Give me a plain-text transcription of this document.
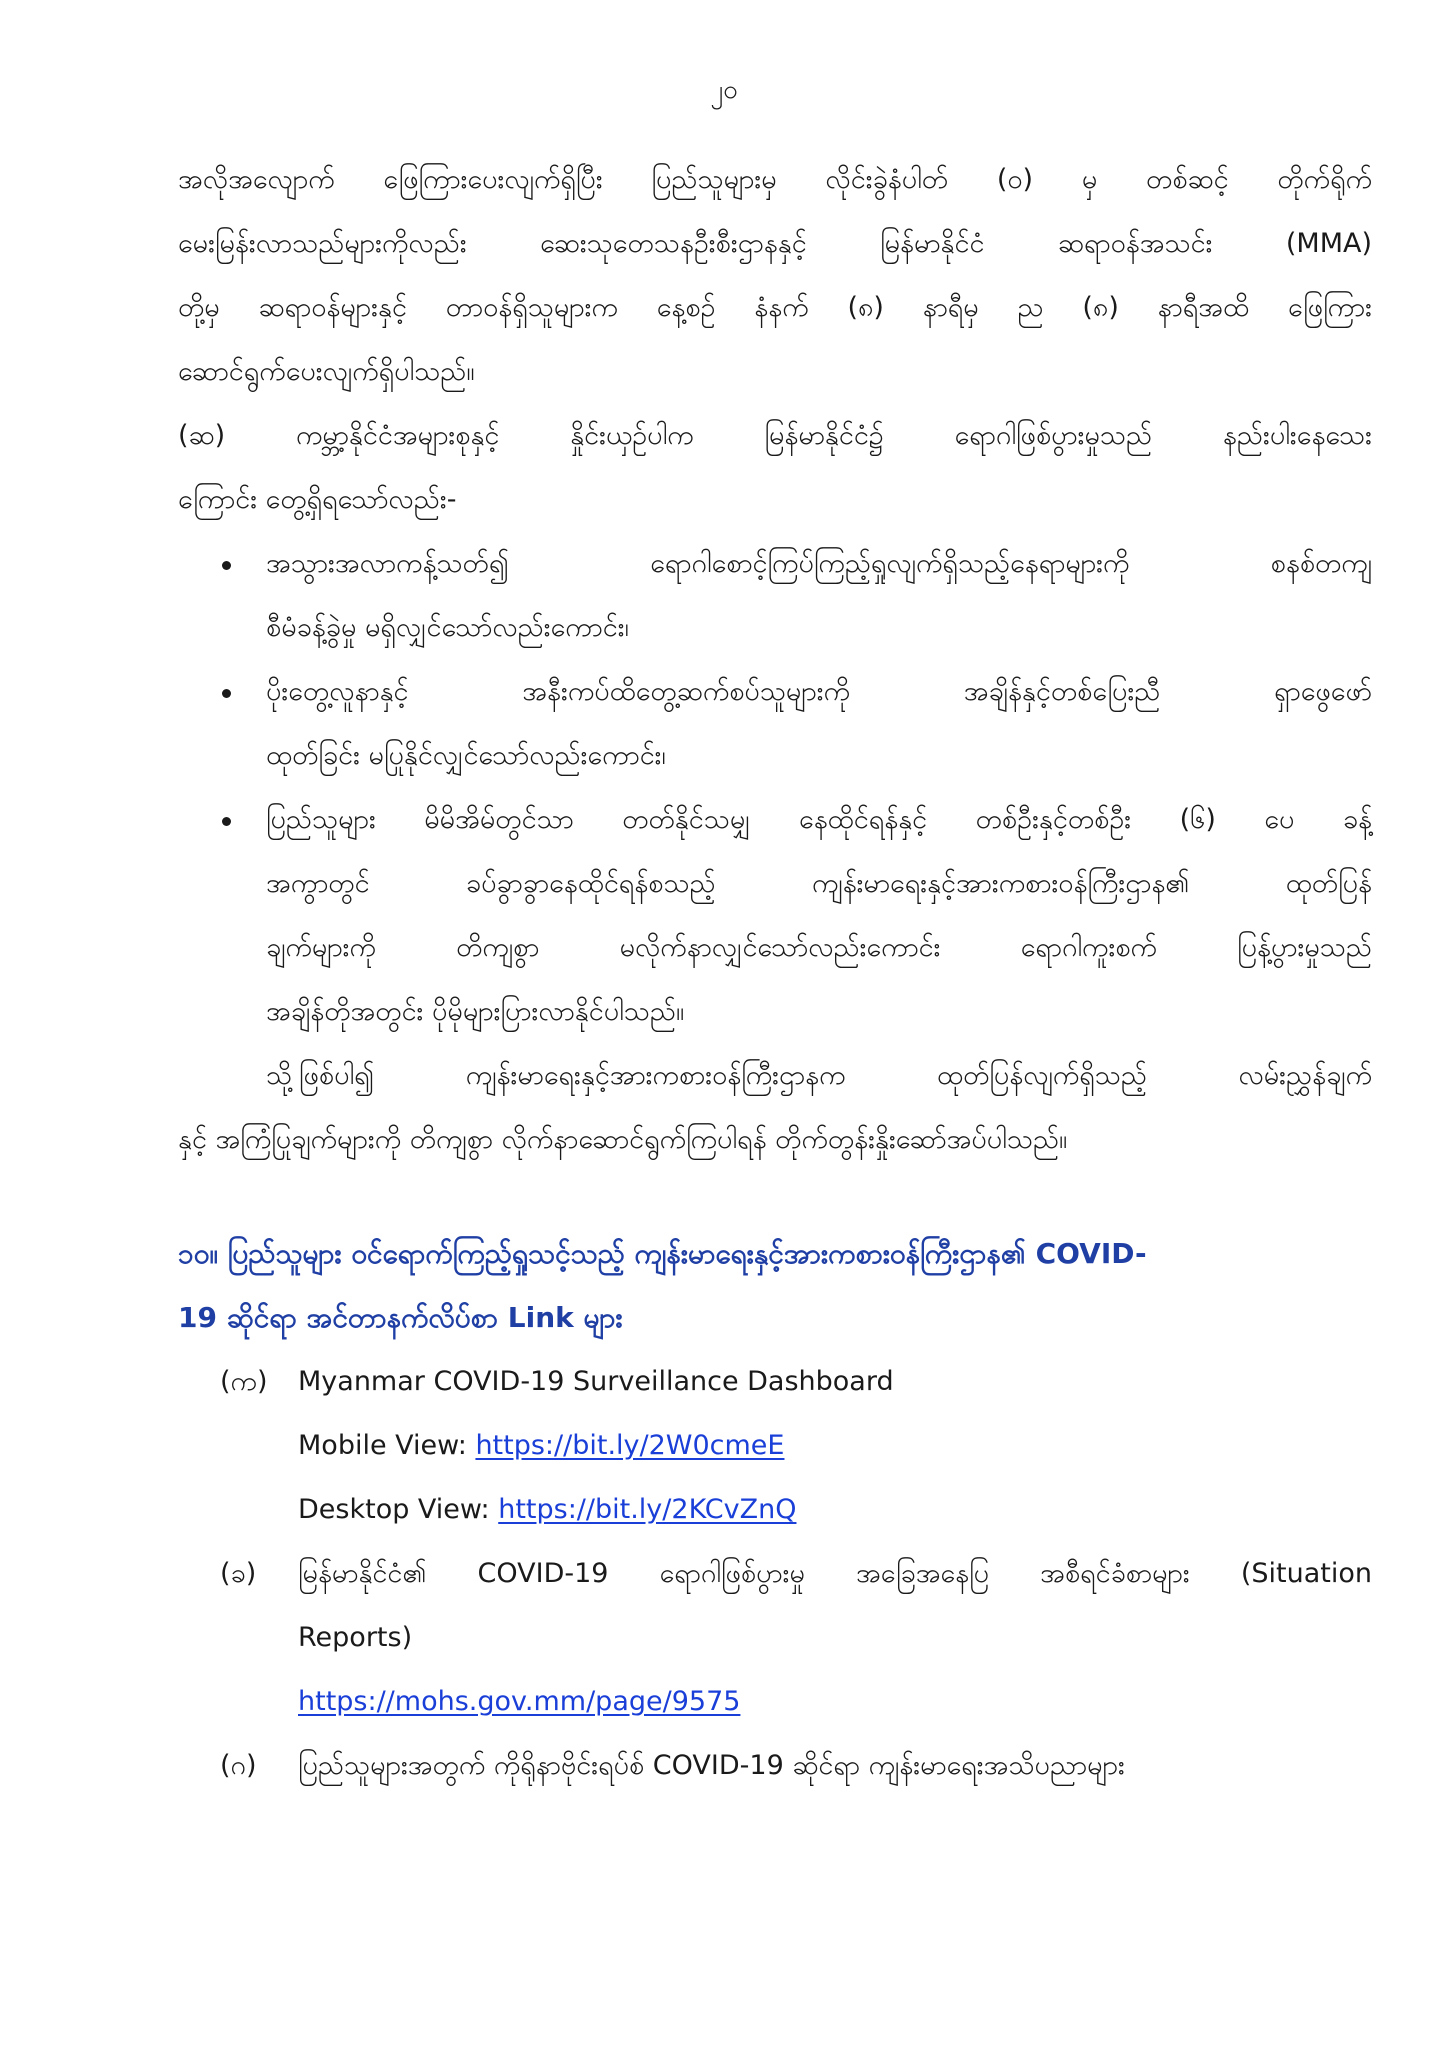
၂၀

အလိုအလျောက် ဖြေကြားပေးလျက်ရှိပြီး ပြည်သူများမှ လိုင်းခွဲနံပါတ် (၀) မှ တစ်ဆင့် တိုက်ရိုက်
မေးမြန်းလာသည်များကိုလည်း ဆေးသုတေသနဦးစီးဌာနနှင့် မြန်မာနိုင်ငံ ဆရာဝန်အသင်း (MMA)
တို့မှ ဆရာဝန်များနှင့် တာဝန်ရှိသူများက နေ့စဉ် နံနက် (၈) နာရီမှ ည (၈) နာရီအထိ ဖြေကြား
ဆောင်ရွက်ပေးလျက်ရှိပါသည်။

(ဆ) ကမ္ဘာ့နိုင်ငံအများစုနှင့် နှိုင်းယှဉ်ပါက မြန်မာနိုင်ငံ၌ ရောဂါဖြစ်ပွားမှုသည် နည်းပါးနေသေး
ကြောင်း တွေ့ရှိရသော်လည်း-

အသွားအလာကန့်သတ်၍ ရောဂါစောင့်ကြပ်ကြည့်ရှုလျက်ရှိသည့်နေရာများကို စနစ်တကျ
စီမံခန့်ခွဲမှု မရှိလျှင်သော်လည်းကောင်း၊
ပိုးတွေ့လူနာနှင့် အနီးကပ်ထိတွေ့ဆက်စပ်သူများကို အချိန်နှင့်တစ်ပြေးညီ ရှာဖွေဖော်
ထုတ်ခြင်း မပြုနိုင်လျှင်သော်လည်းကောင်း၊
ပြည်သူများ မိမိအိမ်တွင်သာ တတ်နိုင်သမျှ နေထိုင်ရန်နှင့် တစ်ဦးနှင့်တစ်ဦး (၆) ပေ ခန့်
အကွာတွင် ခပ်ခွာခွာနေထိုင်ရန်စသည့် ကျန်းမာရေးနှင့်အားကစားဝန်ကြီးဌာန၏ ထုတ်ပြန်
ချက်များကို တိကျစွာ မလိုက်နာလျှင်သော်လည်းကောင်း ရောဂါကူးစက် ပြန့်ပွားမှုသည်
အချိန်တိုအတွင်း ပိုမိုများပြားလာနိုင်ပါသည်။

သို့ဖြစ်ပါ၍ ကျန်းမာရေးနှင့်အားကစားဝန်ကြီးဌာနက ထုတ်ပြန်လျက်ရှိသည့် လမ်းညွှန်ချက်
နှင့် အကြံပြုချက်များကို တိကျစွာ လိုက်နာဆောင်ရွက်ကြပါရန် တိုက်တွန်းနှိုးဆော်အပ်ပါသည်။

၁၀။ ပြည်သူများ ဝင်ရောက်ကြည့်ရှုသင့်သည့် ကျန်းမာရေးနှင့်အားကစားဝန်ကြီးဌာန၏ COVID-
19 ဆိုင်ရာ အင်တာနက်လိပ်စာ Link များ
(က) Myanmar COVID-19 Surveillance Dashboard
Mobile View: https://bit.ly/2W0cmeE
Desktop View: https://bit.ly/2KCvZnQ
(ခ) မြန်မာနိုင်ငံ၏ COVID-19 ရောဂါဖြစ်ပွားမှု အခြေအနေပြ အစီရင်ခံစာများ (Situation
Reports)
https://mohs.gov.mm/page/9575
(ဂ) ပြည်သူများအတွက် ကိုရိုနာဗိုင်းရပ်စ် COVID-19 ဆိုင်ရာ ကျန်းမာရေးအသိပညာများ
